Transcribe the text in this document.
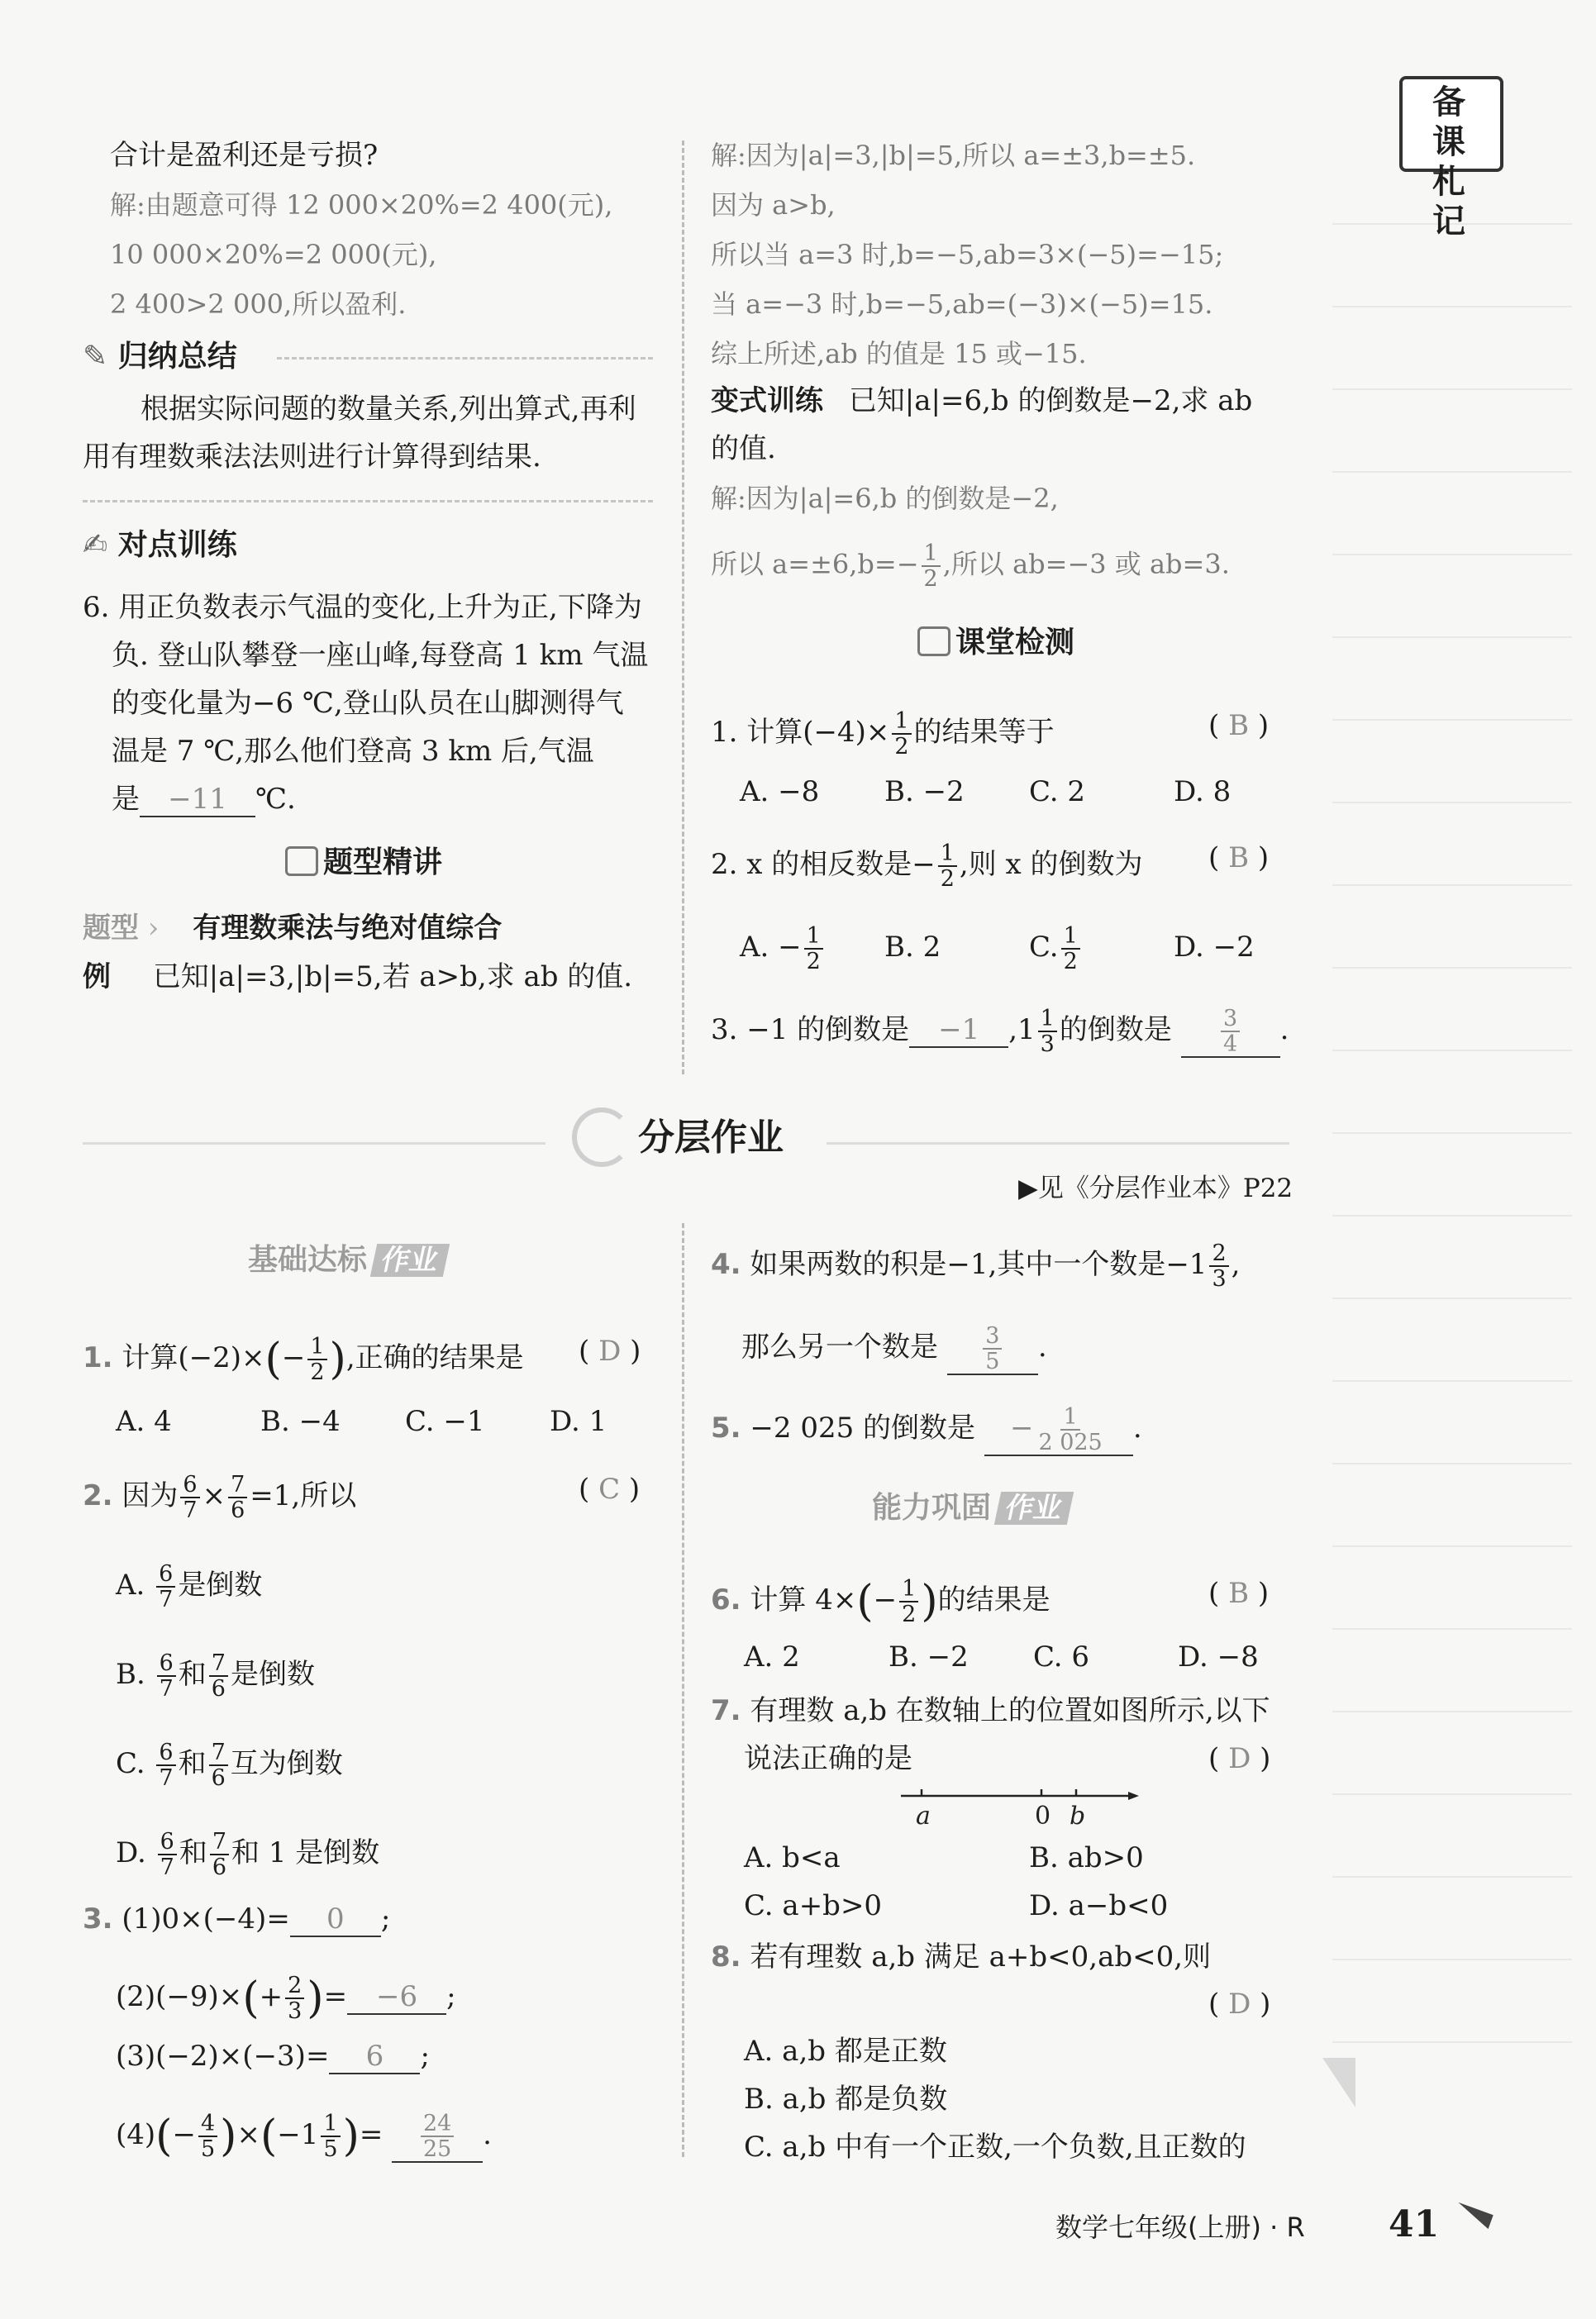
备课札记
合计是盈利还是亏损?
解:由题意可得 12 000×20%=2 400(元),
10 000×20%=2 000(元),
2 400>2 000,所以盈利.
✎ 归纳总结
根据实际问题的数量关系,列出算式,再利
用有理数乘法法则进行计算得到结果.
✍ 对点训练
6. 用正负数表示气温的变化,上升为正,下降为
负. 登山队攀登一座山峰,每登高 1 km 气温
的变化量为−6 ℃,登山队员在山脚测得气
温是 7 ℃,那么他们登高 3 km 后,气温
是 −11 ℃.
题型精讲
题型 › 有理数乘法与绝对值综合
例 已知|a|=3,|b|=5,若 a>b,求 ab 的值.
解:因为|a|=3,|b|=5,所以 a=±3,b=±5.
因为 a>b,
所以当 a=3 时,b=−5,ab=3×(−5)=−15;
当 a=−3 时,b=−5,ab=(−3)×(−5)=15.
综上所述,ab 的值是 15 或−15.
变式训练 已知|a|=6,b 的倒数是−2,求 ab
的值.
解:因为|a|=6,b 的倒数是−2,
所以 $a=\pm 6,b=- \frac{1}{2}$ ,所以 ab=−3 或 ab=3.
课堂检测
1. 计算$(-4)\times \frac{1}{2}$ 的结果等于	( B )
A. −8 B. −2 C. 2	D. 8
2. x 的相反数是− $\frac{1}{2}$ ,则 x 的倒数为 ( B )
A. − $\frac{1}{2} B$. 2	C. $\frac{1}{2}$	D. −2
3. −1 的倒数是 −1 $,1 \frac{1}{3}$ 的倒数是 $\frac{3}{4}$ .
分层作业
▶见《分层作业本》P22
基础达标 作业
能力巩固 作业
1. 计算$(-2)\times(- \frac{1}{2}$ ),正确的结果是 ( D )
A. 4	B. −4 C. −1 D. 1
2. 因为 $\frac{6}{7} \times \frac{7}{6} =1$,所以	( C )
A. $\frac{6}{7}$ 是倒数
B. $\frac{6}{7}$ 和 $\frac{7}{6}$ 是倒数
C. $\frac{6}{7}$ 和 $\frac{7}{6}$ 互为倒数
D. $\frac{6}{7}$ 和 $\frac{7}{6}$ 和 1 是倒数
3. (1)0×(−4)= 0 ;
$(2)(-9)\times(+ \frac{2}{3}$ )= −6 ;
(3)(−2)×(−3)= 6 ;
$(4)(- \frac{4}{5} )\times(-1 \frac{1}{5}$ )= $\frac{24}{25}$ .
4. 如果两数的积是−1,其中一个数是$-1 \frac{2}{3}$ ,
那么另一个数是 $\frac{3}{5}$ .
5. −2 025 的倒数是 − $\frac{1}{2 025}$ .
6. 计算 $4\times(- \frac{1}{2}$ )的结果是	( B )
A. 2	B. −2 C. 6	D. −8
7. 有理数 a,b 在数轴上的位置如图所示,以下
说法正确的是	( D )
a	0 b
A. b<a	B. ab>0
C. a+b>0	D. a−b<0
8. 若有理数 a,b 满足 a+b<0,ab<0,则
( D )
A. a,b 都是正数
B. a,b 都是负数
C. a,b 中有一个正数,一个负数,且正数的
数学七年级(上册) · R 41
